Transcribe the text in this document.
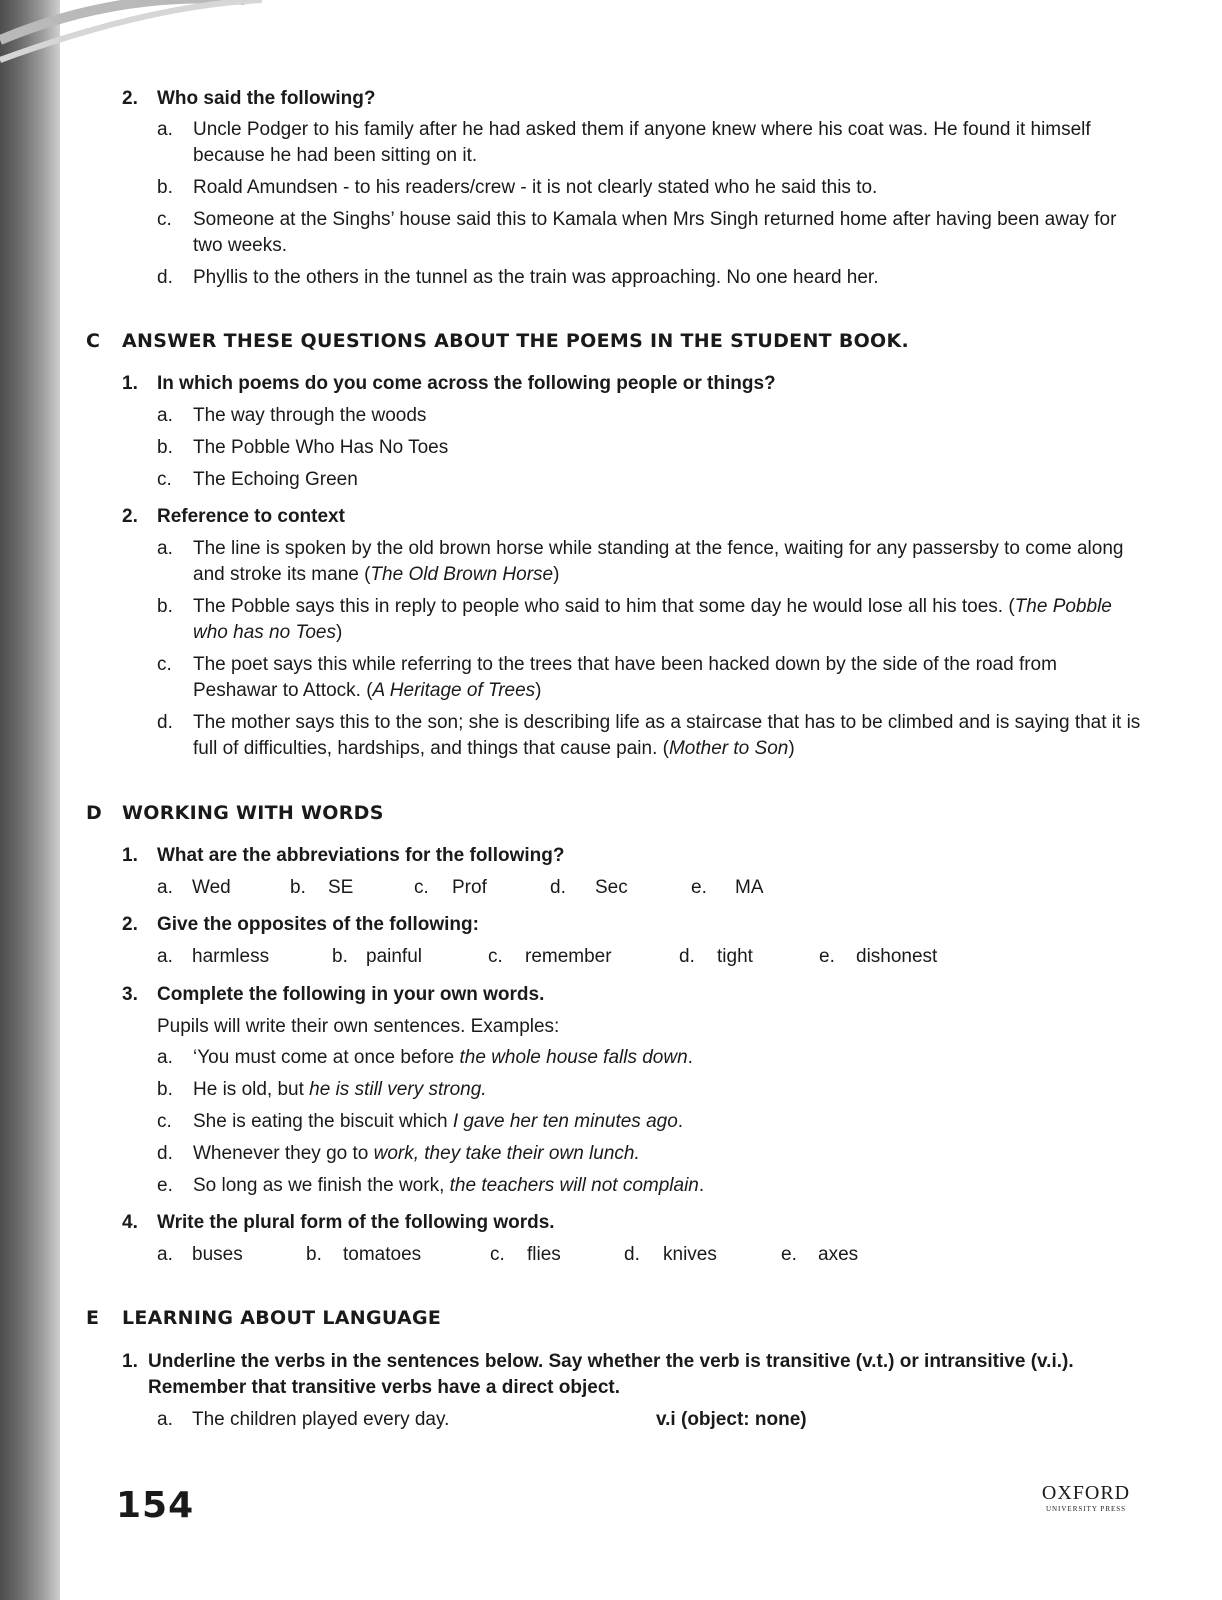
2. Who said the following?
a. Uncle Podger to his family after he had asked them if anyone knew where his coat was. He found it himself because he had been sitting on it.
b. Roald Amundsen - to his readers/crew - it is not clearly stated who he said this to.
c. Someone at the Singhs’ house said this to Kamala when Mrs Singh returned home after having been away for two weeks.
d. Phyllis to the others in the tunnel as the train was approaching. No one heard her.
C ANSWER THESE QUESTIONS ABOUT THE POEMS IN THE STUDENT BOOK.
1. In which poems do you come across the following people or things?
a. The way through the woods
b. The Pobble Who Has No Toes
c. The Echoing Green
2. Reference to context
a. The line is spoken by the old brown horse while standing at the fence, waiting for any passersby to come along and stroke its mane (The Old Brown Horse)
b. The Pobble says this in reply to people who said to him that some day he would lose all his toes. (The Pobble who has no Toes)
c. The poet says this while referring to the trees that have been hacked down by the side of the road from Peshawar to Attock. (A Heritage of Trees)
d. The mother says this to the son; she is describing life as a staircase that has to be climbed and is saying that it is full of difficulties, hardships, and things that cause pain. (Mother to Son)
D WORKING WITH WORDS
1. What are the abbreviations for the following?
a. Wed	b. SE	c. Prof	d. Sec	e. MA
2. Give the opposites of the following:
a. harmless	b. painful	c. remember	d. tight	e. dishonest
3. Complete the following in your own words.
Pupils will write their own sentences. Examples:
a. ‘You must come at once before the whole house falls down.
b. He is old, but he is still very strong.
c. She is eating the biscuit which I gave her ten minutes ago.
d. Whenever they go to work, they take their own lunch.
e. So long as we finish the work, the teachers will not complain.
4. Write the plural form of the following words.
a. buses	b. tomatoes	c. flies	d. knives	e. axes
E LEARNING ABOUT LANGUAGE
1. Underline the verbs in the sentences below. Say whether the verb is transitive (v.t.) or intransitive (v.i.). Remember that transitive verbs have a direct object.
a. The children played every day.	v.i (object: none)
154	OXFORD
UNIVERSITY PRESS
